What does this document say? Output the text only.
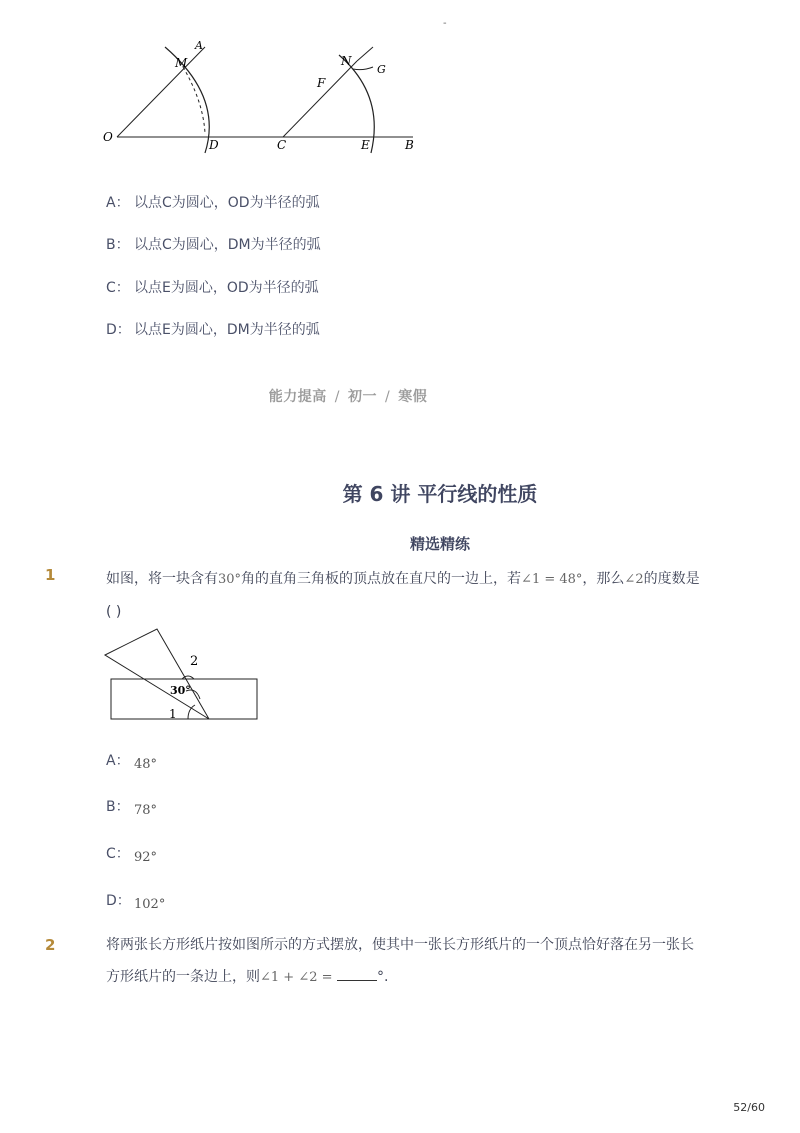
-
O
M
A
D	C
N
G
F
E	B
A： 以点C为圆心，OD为半径的弧
B： 以点C为圆心，DM为半径的弧
C： 以点E为圆心，OD为半径的弧
D： 以点E为圆心，DM为半径的弧
能力提高 / 初一 / 寒假
第 6 讲 平行线的性质
精选精练
1	如图，将一块含有30°角的直角三角板的顶点放在直尺的一边上，若∠1 = 48°，那么∠2的度数是
( )
2
30°
1
A： 48°
B： 78°
C： 92°
D： 102°
2	将两张长方形纸片按如图所示的方式摆放，使其中一张长方形纸片的一个顶点恰好落在另一张长
方形纸片的一条边上，则∠1 + ∠2 =	°.
52/60
